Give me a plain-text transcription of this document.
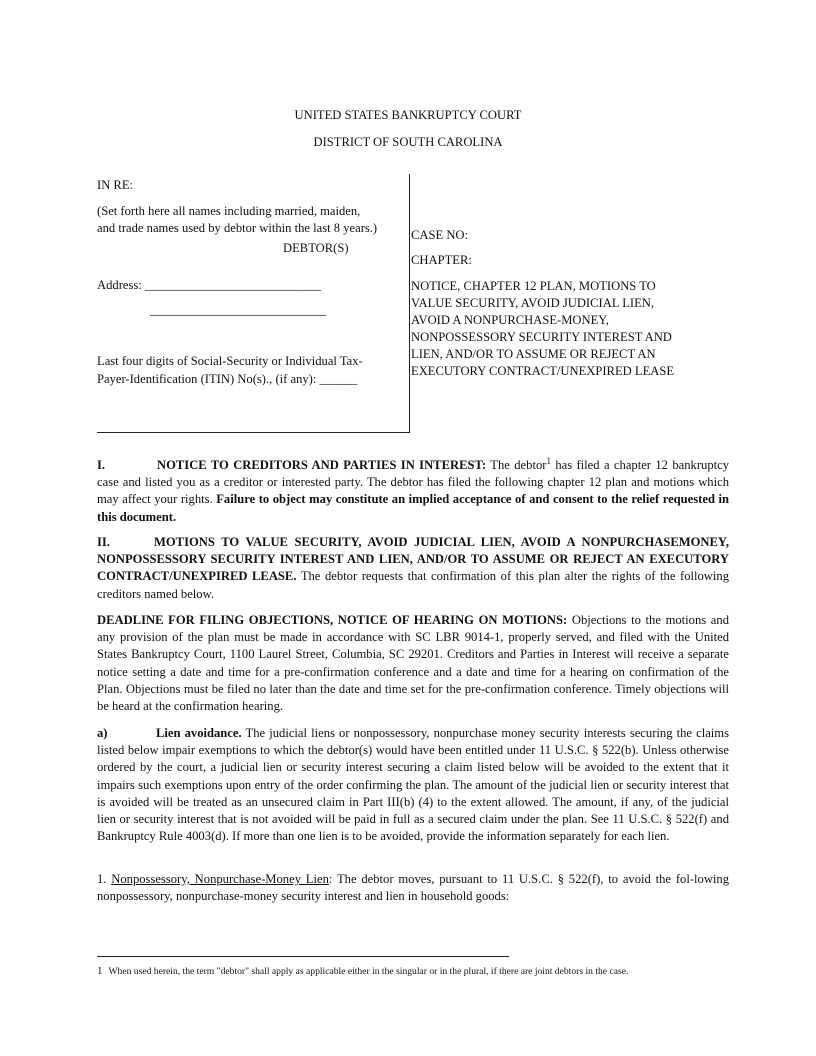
UNITED STATES BANKRUPTCY COURT
DISTRICT OF SOUTH CAROLINA

IN RE:

(Set forth here all names including married, maiden,

and trade names used by debtor within the last 8 years.)

DEBTOR(S)

Address: ____________________________

____________________________

Last four digits of Social-Security or Individual Tax-

Payer-Identification (ITIN) No(s)., (if any): ______

CASE NO:

CHAPTER:

NOTICE, CHAPTER 12 PLAN, MOTIONS TO

VALUE SECURITY, AVOID JUDICIAL LIEN,

AVOID A NONPURCHASE-MONEY,

NONPOSSESSORY SECURITY INTEREST AND

LIEN, AND/OR TO ASSUME OR REJECT AN

EXECUTORY CONTRACT/UNEXPIRED LEASE

I.	NOTICE TO CREDITORS AND PARTIES IN INTEREST: The debtor$^1$ has filed a chapter 12 bankruptcy case and listed you as a creditor or interested party. The debtor has filed the following chapter 12 plan and motions which may affect your rights. Failure to object may constitute an implied acceptance of and consent to the relief requested in this document.

II.	MOTIONS TO VALUE SECURITY, AVOID JUDICIAL LIEN, AVOID A NONPURCHASEMONEY, NONPOSSESSORY SECURITY INTEREST AND LIEN, AND/OR TO ASSUME OR REJECT AN EXECUTORY CONTRACT/UNEXPIRED LEASE. The debtor requests that confirmation of this plan alter the rights of the following creditors named below.

DEADLINE FOR FILING OBJECTIONS, NOTICE OF HEARING ON MOTIONS: Objections to the motions and any provision of the plan must be made in accordance with SC LBR 9014-1, properly served, and filed with the United States Bankruptcy Court, 1100 Laurel Street, Columbia, SC 29201. Creditors and Parties in Interest will receive a separate notice setting a date and time for a pre-confirmation conference and a date and time for a hearing on confirmation of the Plan. Objections must be filed no later than the date and time set for the pre-confirmation conference. Timely objections will be heard at the confirmation hearing.

a)	Lien avoidance. The judicial liens or nonpossessory, nonpurchase money security interests securing the claims listed below impair exemptions to which the debtor(s) would have been entitled under 11 U.S.C. § 522(b). Unless otherwise ordered by the court, a judicial lien or security interest securing a claim listed below will be avoided to the extent that it impairs such exemptions upon entry of the order confirming the plan. The amount of the judicial lien or security interest that is avoided will be treated as an unsecured claim in Part III(b) (4) to the extent allowed. The amount, if any, of the judicial lien or security interest that is not avoided will be paid in full as a secured claim under the plan. See 11 U.S.C. § 522(f) and Bankruptcy Rule 4003(d). If more than one lien is to be avoided, provide the information separately for each lien.

1. Nonpossessory, Nonpurchase-Money Lien: The debtor moves, pursuant to 11 U.S.C. § 522(f), to avoid the fol-lowing nonpossessory, nonpurchase-money security interest and lien in household goods:

$^1$ When used herein, the term "debtor" shall apply as applicable either in the singular or in the plural, if there are joint debtors in the case.
